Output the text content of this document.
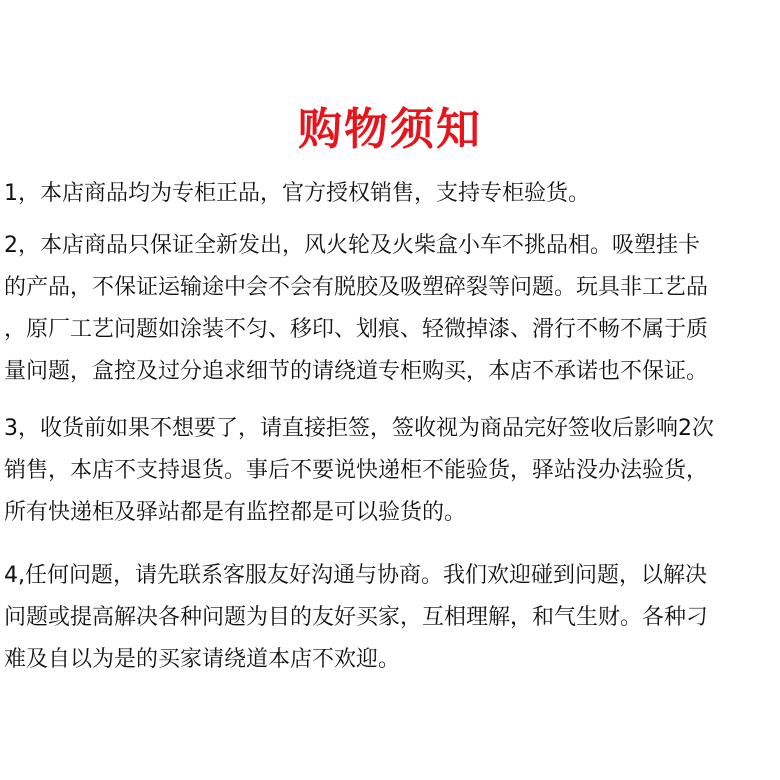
购物须知
1，本店商品均为专柜正品，官方授权销售，支持专柜验货。
2，本店商品只保证全新发出，风火轮及火柴盒小车不挑品相。吸塑挂卡
的产品，不保证运输途中会不会有脱胶及吸塑碎裂等问题。玩具非工艺品
，原厂工艺问题如涂装不匀、移印、划痕、轻微掉漆、滑行不畅不属于质
量问题，盒控及过分追求细节的请绕道专柜购买，本店不承诺也不保证。
3，收货前如果不想要了，请直接拒签，签收视为商品完好签收后影响2次
销售，本店不支持退货。事后不要说快递柜不能验货，驿站没办法验货，
所有快递柜及驿站都是有监控都是可以验货的。
4,任何问题，请先联系客服友好沟通与协商。我们欢迎碰到问题，以解决
问题或提高解决各种问题为目的友好买家，互相理解，和气生财。各种刁
难及自以为是的买家请绕道本店不欢迎。
